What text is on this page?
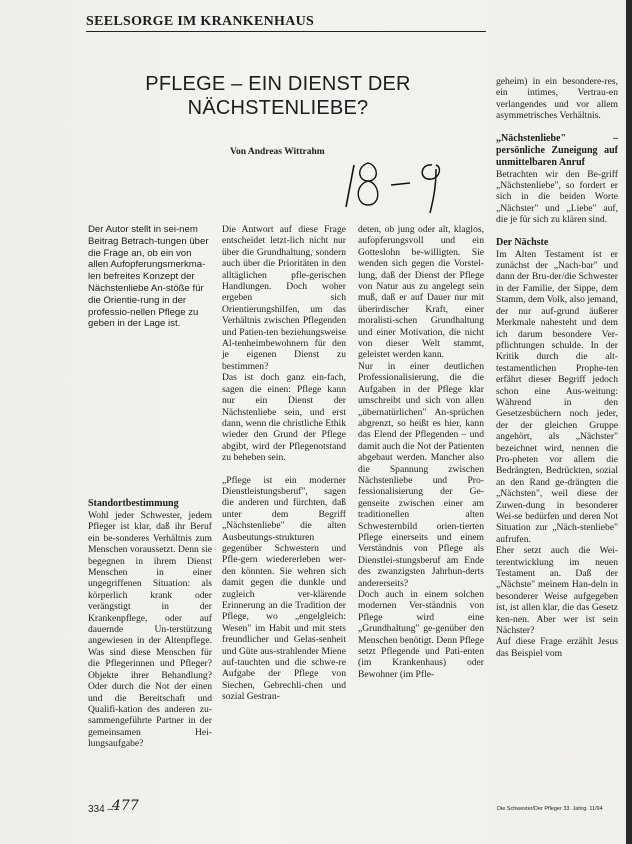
SEELSORGE IM KRANKENHAUS
PFLEGE – EIN DIENST DER
NÄCHSTENLIEBE?
Von Andreas Wittrahm
Der Autor stellt in sei-nem Beitrag Betrach-tungen über die Frage an, ob ein von allen Aufopferungsmerkma-len befreites Konzept der Nächstenliebe An-stöße für die Orientie-rung in der professio-nellen Pflege zu geben in der Lage ist.
Standortbestimmung

Wohl jeder Schwester, jedem Pfleger ist klar, daß ihr Beruf ein be-sonderes Verhältnis zum Menschen voraussetzt. Denn sie begegnen in ihrem Dienst Menschen in einer ungegriffenen Situation: als körperlich krank oder verängstigt in der Krankenpflege, oder auf dauernde Un-terstützung angewiesen in der Altenpflege. Was sind diese Menschen für die Pflegerinnen und Pfleger? Objekte ihrer Behandlung? Oder durch die Not der einen und die Bereitschaft und Qualifi-kation des anderen zu-sammengeführte Partner in der gemeinsamen Hei-lungsaufgabe?

Die Antwort auf diese Frage entscheidet letzt-lich nicht nur über die Grundhaltung, sondern auch über die Prioritäten in den alltäglichen pfle-gerischen Handlungen. Doch woher ergeben sich Orientierungshilfen, um das Verhältnis zwischen Pflegenden und Patien-ten beziehungsweise Al-tenheimbewohnern für den je eigenen Dienst zu bestimmen?

Das ist doch ganz ein-fach, sagen die einen: Pflege kann nur ein Dienst der Nächstenliebe sein, und erst dann, wenn die christliche Ethik wieder den Grund der Pflege abgibt, wird der Pflegenotstand zu beheben sein.

„Pflege ist ein moderner Dienstleistungsberuf", sagen die anderen und fürchten, daß unter dem Begriff „Nächstenliebe" die alten Ausbeutungs-strukturen gegenüber Schwestern und Pfle-gern wiedererleben wer-den könnten. Sie wehren sich damit gegen die dunkle und zugleich ver-klärende Erinnerung an die Tradition der Pflege, wo „engelgleich: Wesen" im Habit und mit stets freundlicher und Gelas-senheit und Güte aus-strahlender Miene auf-tauchten und die schwe-re Aufgabe der Pflege von Siechen, Gebrechli-chen und sozial Gestran-

deten, ob jung oder alt, klaglos, aufopferungsvoll und ein Gotteslohn be-willigten. Sie wenden sich gegen die Vorstel-lung, daß der Dienst der Pflege von Natur aus zu angelegt sein muß, daß er auf Dauer nur mit überirdischer Kraft, einer moralisti-schen Grundhaltung und einer Motivation, die nicht von dieser Welt stammt, geleistet werden kann.

Nur in einer deutlichen Professionalisierung, die die Aufgaben in der Pflege klar umschreibt und sich von allen „übernatürlichen" An-sprüchen abgrenzt, so heißt es hier, kann das Elend der Pflegenden – und damit auch die Not der Patienten abgebaut werden. Mancher also die Spannung zwischen Nächstenliebe und Pro-fessionalisierung der Ge-genseite zwischen einer am traditionellen alten Schwesternbild orien-tierten Pflege einerseits und einem Verständnis von Pflege als Dienstlei-stungsberuf am Ende des zwanzigsten Jahrhun-derts andererseits?

Doch auch in einem solchen modernen Ver-ständnis von Pflege wird eine „Grundhaltung" ge-genüber den Menschen benötigt. Denn Pflege setzt Pflegende und Pati-enten (im Krankenhaus) oder Bewohner (im Pfle-

geheim) in ein besondere-res, ein intimes, Vertrau-en verlangendes und vor allem asymmetrisches Verhältnis.

„Nächstenliebe" – persönliche Zuneigung auf unmittelbaren Anruf

Betrachten wir den Be-griff „Nächstenliebe", so fordert er sich in die beiden Worte „Nächster" und „Liebe" auf, die je für sich zu klären sind.

Der Nächste

Im Alten Testament ist er zunächst der „Nach-bar" und dann der Bru-der/die Schwester in der Familie, der Sippe, dem Stamm, dem Volk, also jemand, der nur auf-grund äußerer Merkmale nahesteht und dem ich darum besondere Ver-pflichtungen schulde. In der Kritik durch die alt-testamentlichen Prophe-ten erfährt dieser Begriff jedoch schon eine Aus-weitung: Während in den Gesetzesbüchern noch jeder, der der gleichen Gruppe angehört, als „Nächster" bezeichnet wird, nennen die Pro-pheten vor allem die Bedrängten, Bedrückten, sozial an den Rand ge-drängten die „Nächsten", weil diese der Zuwen-dung in besonderer Wei-se bedürfen und deren Not Situation zur „Näch-stenliebe" aufrufen.

Eher setzt auch die Wei-terentwicklung im neuen Testament an. Daß der „Nächste" meinem Han-deln in besonderer Weise aufgegeben ist, ist allen klar, die das Gesetz ken-nen. Aber wer ist sein Nächster?

Auf diese Frage erzählt Jesus das Beispiel vom

334 –
477	Die Schwester/Der Pfleger 33. Jahrg. 11/94
